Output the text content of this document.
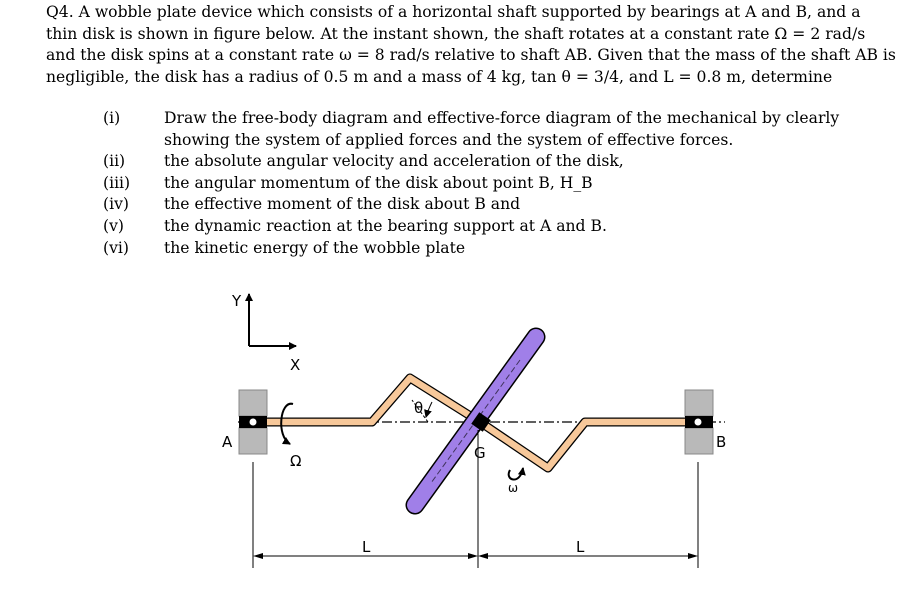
Q4. A wobble plate device which consists of a horizontal shaft supported by bearings at A and B, and a thin disk is shown in figure below. At the instant shown, the shaft rotates at a constant rate Ω = 2 rad/s and the disk spins at a constant rate ω = 8 rad/s relative to shaft AB. Given that the mass of the shaft AB is negligible, the disk has a radius of 0.5 m and a mass of 4 kg, tan θ = 3/4, and L = 0.8 m, determine

(i)	Draw the free-body diagram and effective-force diagram of the mechanical by clearly showing the system of applied forces and the system of effective forces.
(ii)	the absolute angular velocity and acceleration of the disk,
(iii)	the angular momentum of the disk about point B, H_B
(iv)	the effective moment of the disk about B and
(v)	the dynamic reaction at the bearing support at A and B.
(vi)	the kinetic energy of the wobble plate
Y
X
θ
A	B
Ω
ω
G
L	L
